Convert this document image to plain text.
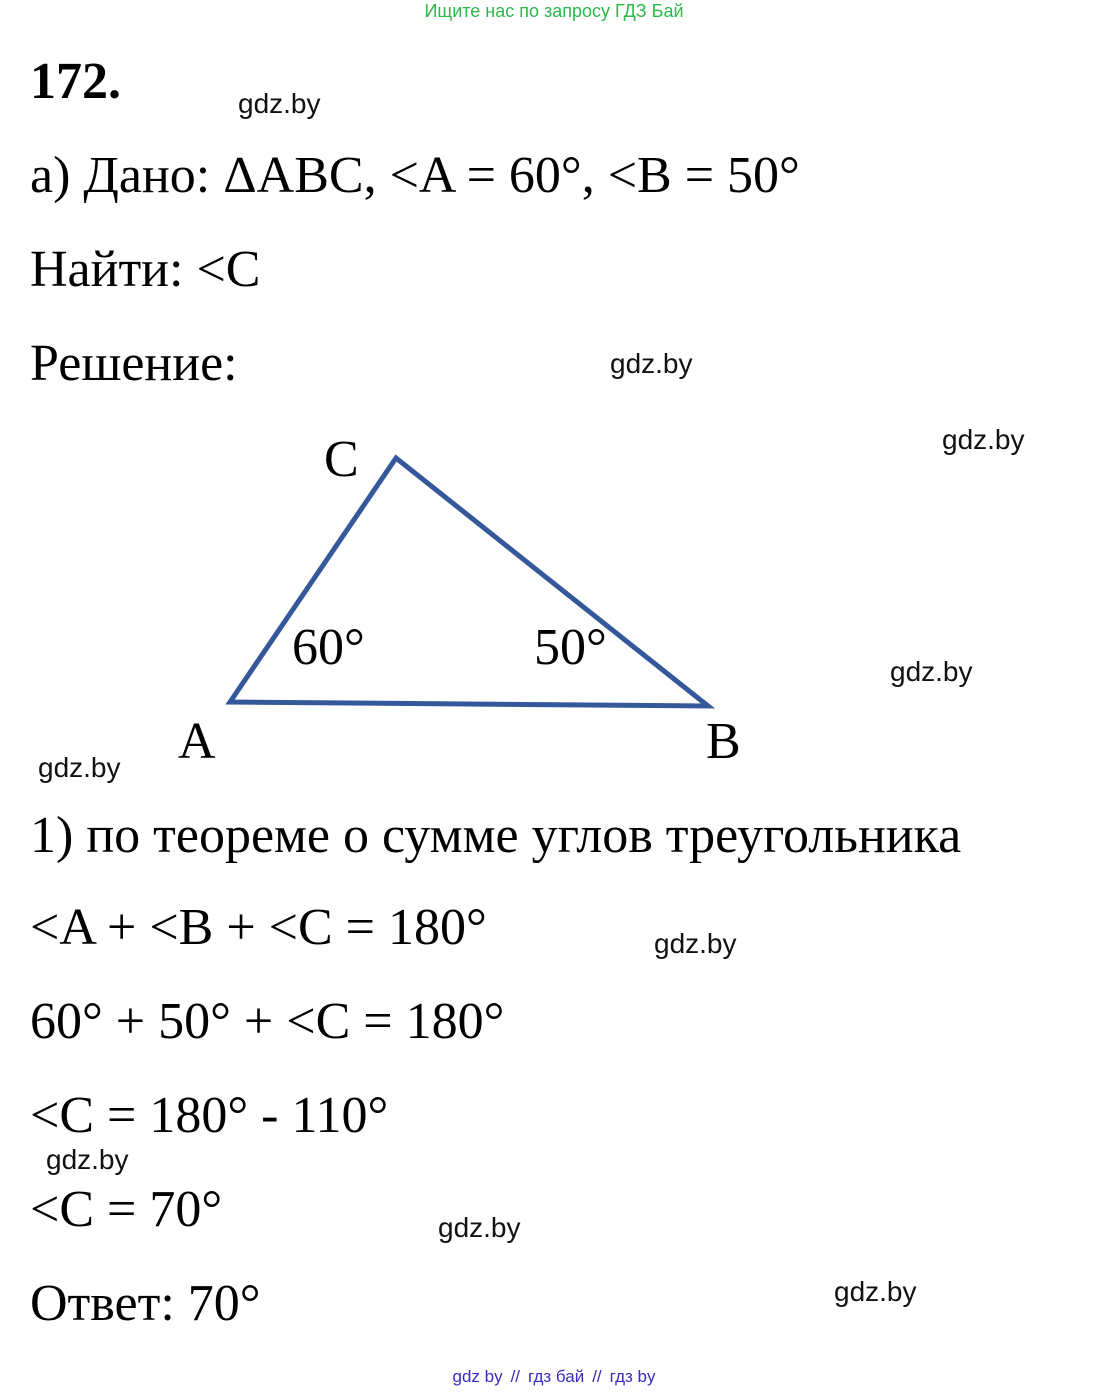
Ищите нас по запросу ГДЗ Бай
172.
а) Дано: ΔABC, <A = 60°, <B = 50°
Найти: <C
Решение:
C
A	B
60°	50°
1) по теореме о сумме углов треугольника
<A + <B + <C = 180°
60° + 50° + <C = 180°
<C = 180° - 110°
<C = 70°
Ответ: 70°
gdz.by
gdz.by
gdz.by
gdz.by
gdz.by
gdz.by
gdz.by
gdz.by
gdz.by
gdz by // гдз бай // гдз by
